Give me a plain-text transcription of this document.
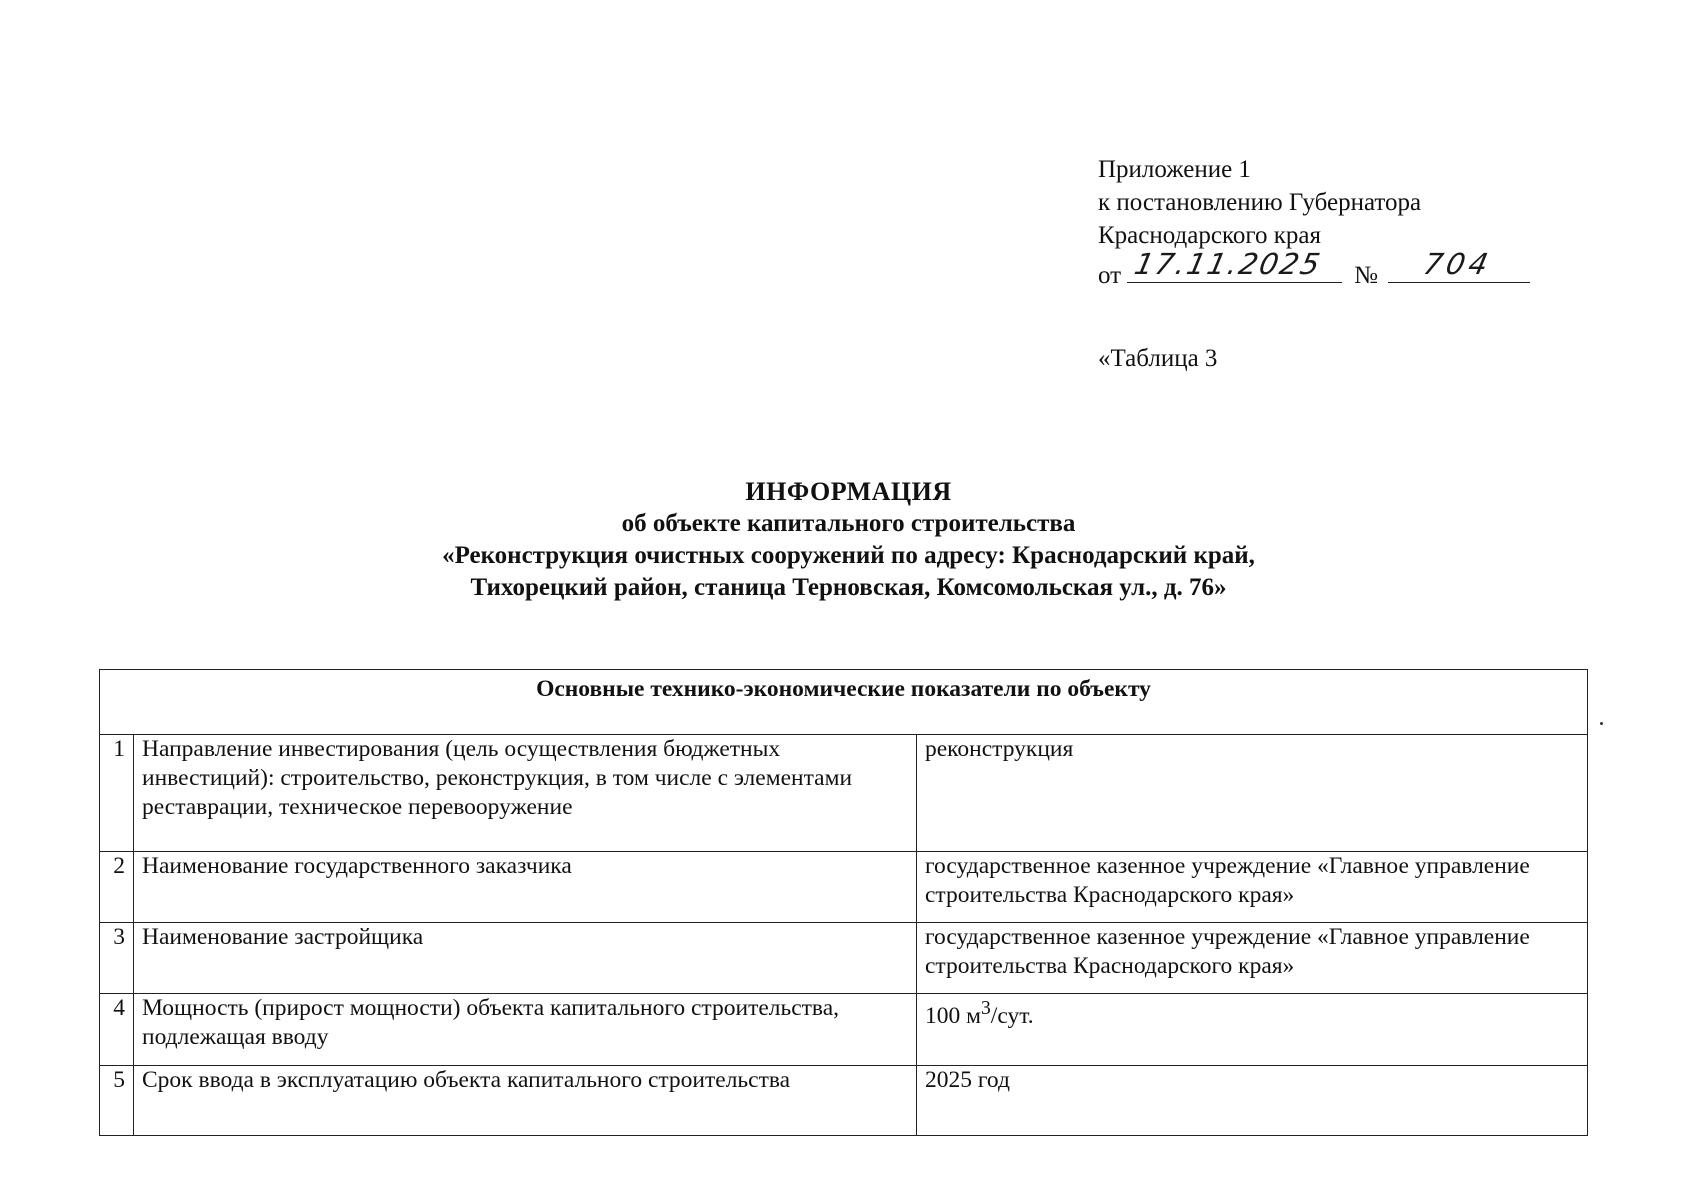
Приложение 1
к постановлению Губернатора
Краснодарского края
от 17.11.2025 № 704
«Таблица 3
ИНФОРМАЦИЯ
об объекте капитального строительства
«Реконструкция очистных сооружений по адресу: Краснодарский край,
Тихорецкий район, станица Терновская, Комсомольская ул., д. 76»
Основные технико-экономические показатели по объекту		
1	Направление инвестирования (цель осуществления бюджетных инвестиций): строительство, реконструкция, в том числе с элементами реставрации, техническое перевооружение	реконструкция
2	Наименование государственного заказчика	государственное казенное учреждение «Главное управление строительства Краснодарского края»
3	Наименование застройщика	государственное казенное учреждение «Главное управление строительства Краснодарского края»
4	Мощность (прирост мощности) объекта капитального строительства, подлежащая вводу	100 $м^3$/сут.
5	Срок ввода в эксплуатацию объекта капитального строительства	2025 год
